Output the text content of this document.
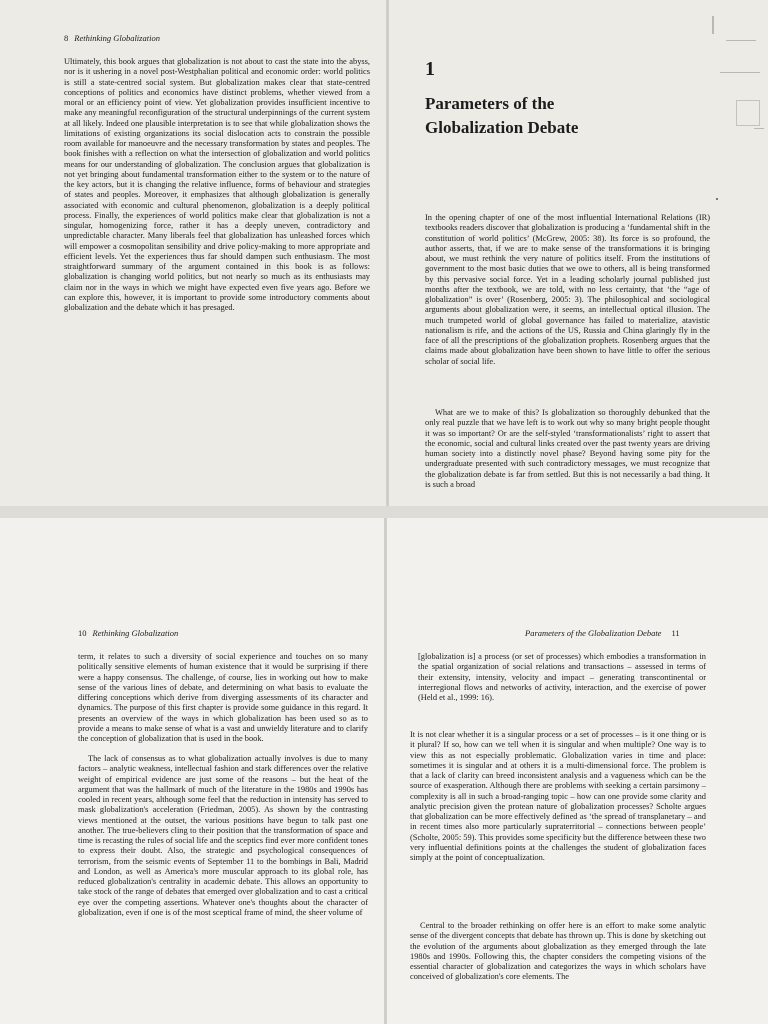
8 Rethinking Globalization

Ultimately, this book argues that globalization is not about to cast the state into the abyss, nor is it ushering in a novel post-Westphalian political and economic order: world politics is still a state-centred social system. But globalization makes clear that state-centred conceptions of politics and economics have distinct problems, whether viewed from a moral or an efficiency point of view. Yet globalization provides insufficient incentive to make any meaningful reconfiguration of the structural underpinnings of the current system at all likely. Indeed one plausible interpretation is to see that while globalization shows the limitations of existing organizations its social dislocation acts to constrain the possible room available for manoeuvre and the necessary transformation by states and peoples. The book finishes with a reflection on what the intersection of globalization and world politics means for our understanding of globalization. The conclusion argues that globalization is not yet bringing about fundamental transformation either to the system or to the nature of the key actors, but it is changing the relative influence, forms of behaviour and strategies of states and peoples. Moreover, it emphasizes that although globalization is generally associated with economic and cultural phenomenon, globalization is a deeply political process. Finally, the experiences of world politics make clear that globalization is not a singular, homogenizing force, rather it has a deeply uneven, contradictory and unpredictable character. Many liberals feel that globalization has unleashed forces which will empower a cosmopolitan sensibility and drive policy-making to more appropriate and efficient levels. Yet the experiences thus far should dampen such enthusiasm. The most straightforward summary of the argument contained in this book is as follows: globalization is changing world politics, but not nearly so much as its enthusiasts may claim nor in the ways in which we might have expected even five years ago. Before we can explore this, however, it is important to provide some introductory comments about globalization and the debate which it has presaged.

1
Parameters of the Globalization Debate

In the opening chapter of one of the most influential International Relations (IR) textbooks readers discover that globalization is producing a ‘fundamental shift in the constitution of world politics’ (McGrew, 2005: 38). Its force is so profound, the author asserts, that, if we are to make sense of the transformations it is bringing about, we must rethink the very nature of politics itself. From the institutions of government to the most basic duties that we owe to others, all is being transformed by this pervasive social force. Yet in a leading scholarly journal published just months after the textbook, we are told, with no less certainty, that ‘the “age of globalization” is over’ (Rosenberg, 2005: 3). The philosophical and sociological arguments about globalization were, it seems, an intellectual optical illusion. The much trumpeted world of global governance has failed to materialize, atavistic nationalism is rife, and the actions of the US, Russia and China glaringly fly in the face of all the prescriptions of the globalization prophets. Rosenberg argues that the claims made about globalization have been shown to have little to offer the serious scholar of social life.

What are we to make of this? Is globalization so thoroughly debunked that the only real puzzle that we have left is to work out why so many bright people thought it was so important? Or are the self-styled ‘transformationalists’ right to assert that the economic, social and cultural links created over the past twenty years are driving human society into a distinctly novel phase? Beyond having some pity for the undergraduate presented with such contradictory messages, we must recognize that the globalization debate is far from settled. But this is not necessarily a bad thing. It is such a broad

10 Rethinking Globalization

term, it relates to such a diversity of social experience and touches on so many politically sensitive elements of human existence that it would be surprising if there were a happy consensus. The challenge, of course, lies in working out how to make sense of the various lines of debate, and determining on what basis to evaluate the differing conceptions which derive from diverging assessments of its character and dynamics. The purpose of this first chapter is provide some guidance in this regard. It presents an overview of the ways in which globalization has been used so as to provide a means to make sense of what is a vast and unwieldy literature and to clarify the conception of globalization that is used in the book.

The lack of consensus as to what globalization actually involves is due to many factors – analytic weakness, intellectual fashion and stark differences over the relative weight of empirical evidence are just some of the reasons – but the heat of the argument that was the hallmark of much of the literature in the 1980s and 1990s has cooled in recent years, although some feel that the reduction in intensity has served to mask globalization's acceleration (Friedman, 2005). As shown by the contrasting views mentioned at the outset, the various positions have begun to talk past one another. The true-believers cling to their position that the transformation of space and time is recasting the rules of social life and the sceptics find ever more confident tones to express their doubt. Also, the strategic and psychological consequences of terrorism, from the seismic events of September 11 to the bombings in Bali, Madrid and London, as well as America's more muscular approach to its global role, has reduced globalization's centrality in academic debate. This allows an opportunity to take stock of the range of debates that emerged over globalization and to cast a critical eye over the competing assertions. Whatever one's thoughts about the character of globalization, even if one is of the most sceptical frame of mind, the sheer volume of

Parameters of the Globalization Debate 11

[globalization is] a process (or set of processes) which embodies a transformation in the spatial organization of social relations and transactions – assessed in terms of their extensity, intensity, velocity and impact – generating transcontinental or interregional flows and networks of activity, interaction, and the exercise of power (Held et al., 1999: 16).

It is not clear whether it is a singular process or a set of processes – is it one thing or is it plural? If so, how can we tell when it is singular and when multiple? One way is to view this as not especially problematic. Globalization varies in time and place: sometimes it is singular and at others it is a multi-dimensional force. The problem is that a lack of clarity can breed inconsistent analysis and a vagueness which can be the source of exasperation. Although there are problems with seeking a certain parsimony – complexity is all in such a broad-ranging topic – how can one provide some clarity and analytic precision given the protean nature of globalization processes? Scholte argues that globalization can be more effectively defined as ‘the spread of transplanetary – and in recent times also more particularly supraterritorial – connections between people’ (Scholte, 2005: 59). This provides some specificity but the difference between these two very influential definitions points at the challenges the student of globalization faces simply at the point of conceptualization.

Central to the broader rethinking on offer here is an effort to make some analytic sense of the divergent concepts that debate has thrown up. This is done by sketching out the evolution of the arguments about globalization as they emerged through the late 1980s and 1990s. Following this, the chapter considers the competing visions of the essential character of globalization and categorizes the ways in which scholars have conceived of globalization's core elements. The
